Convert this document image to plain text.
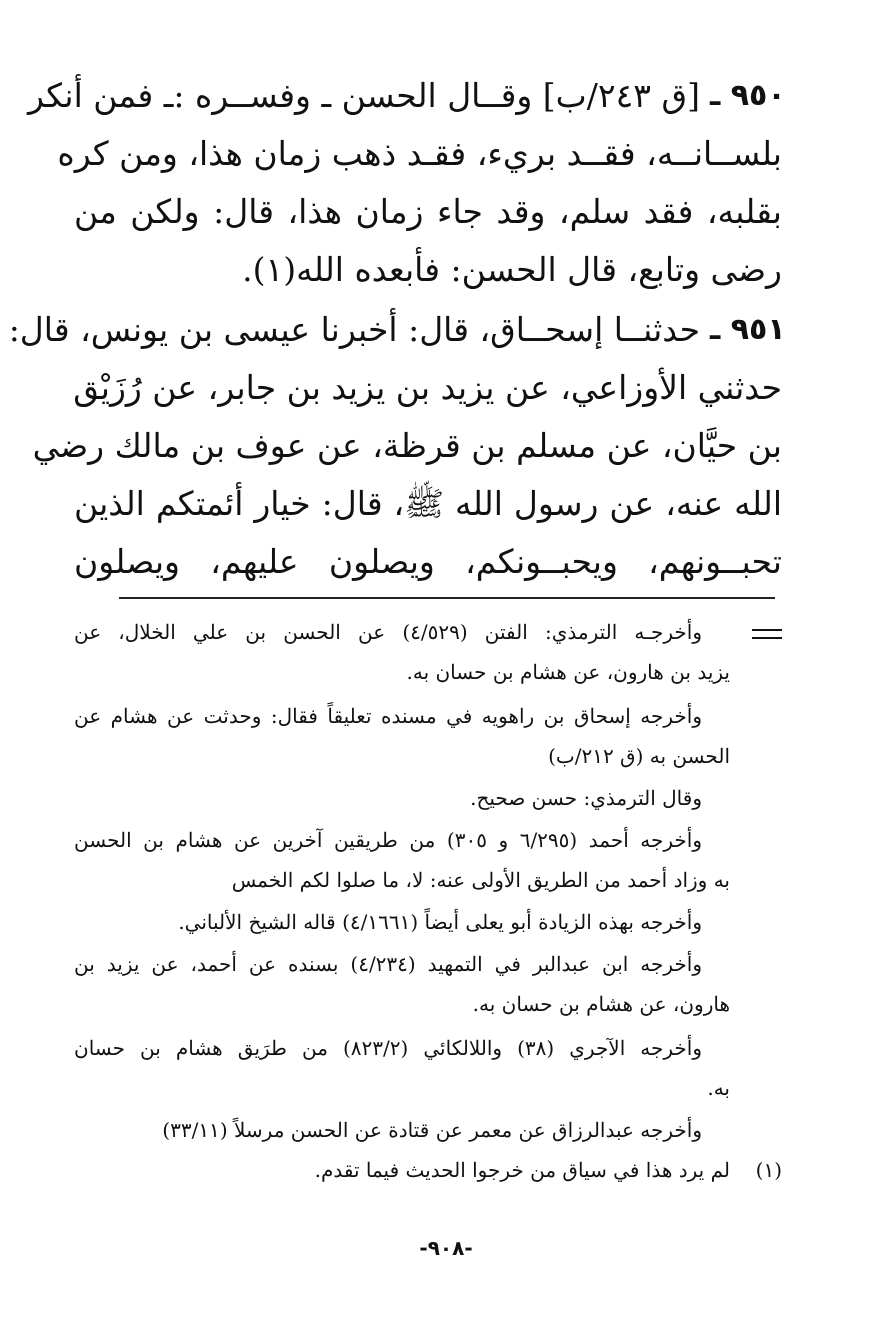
٩٥٠ ـ
[ق ٢٤٣/ب] وقــال الحسن ـ وفســره :ـ فمن أنكر
بلســانــه، فقــد بريء، فقـد ذهب زمان هذا، ومن كره
بقلبه، فقد سلم، وقد جاء زمان هذا، قال: ولكن من
رضى وتابع، قال الحسن: فأبعده الله(١).
٩٥١ ـ
حدثنــا إسحــاق، قال: أخبرنا عيسى بن يونس، قال:
حدثني الأوزاعي، عن يزيد بن يزيد بن جابر، عن رُزَيْق
بن حيَّان، عن مسلم بن قرظة، عن عوف بن مالك رضي
الله عنه، عن رسول الله ﷺ، قال: خيار أئمتكم الذين
تحبــونهم، ويحبــونكم، ويصلون عليهم، ويصلون
وأخرجـه الترمذي: الفتن (٤/٥٢٩) عن الحسن بن علي الخلال، عن
يزيد بن هارون، عن هشام بن حسان به.
وأخرجه إسحاق بن راهويه في مسنده تعليقاً فقال: وحدثت عن هشام عن
الحسن به (ق ٢١٢/ب)
وقال الترمذي: حسن صحيح.
وأخرجه أحمد (٦/٢٩٥ و ٣٠٥) من طريقين آخرين عن هشام بن الحسن
به وزاد أحمد من الطريق الأولى عنه: لا، ما صلوا لكم الخمس
وأخرجه بهذه الزيادة أبو يعلى أيضاً (٤/١٦٦١) قاله الشيخ الألباني.
وأخرجه ابن عبدالبر في التمهيد (٤/٢٣٤) بسنده عن أحمد، عن يزيد بن
هارون، عن هشام بن حسان به.
وأخرجه الآجري (٣٨) واللالكائي (٨٢٣/٢) من طرَيق هشام بن حسان
به.
وأخرجه عبدالرزاق عن معمر عن قتادة عن الحسن مرسلاً (٣٣/١١)
(١)
لم يرد هذا في سياق من خرجوا الحديث فيما تقدم.
-٩٠٨-
